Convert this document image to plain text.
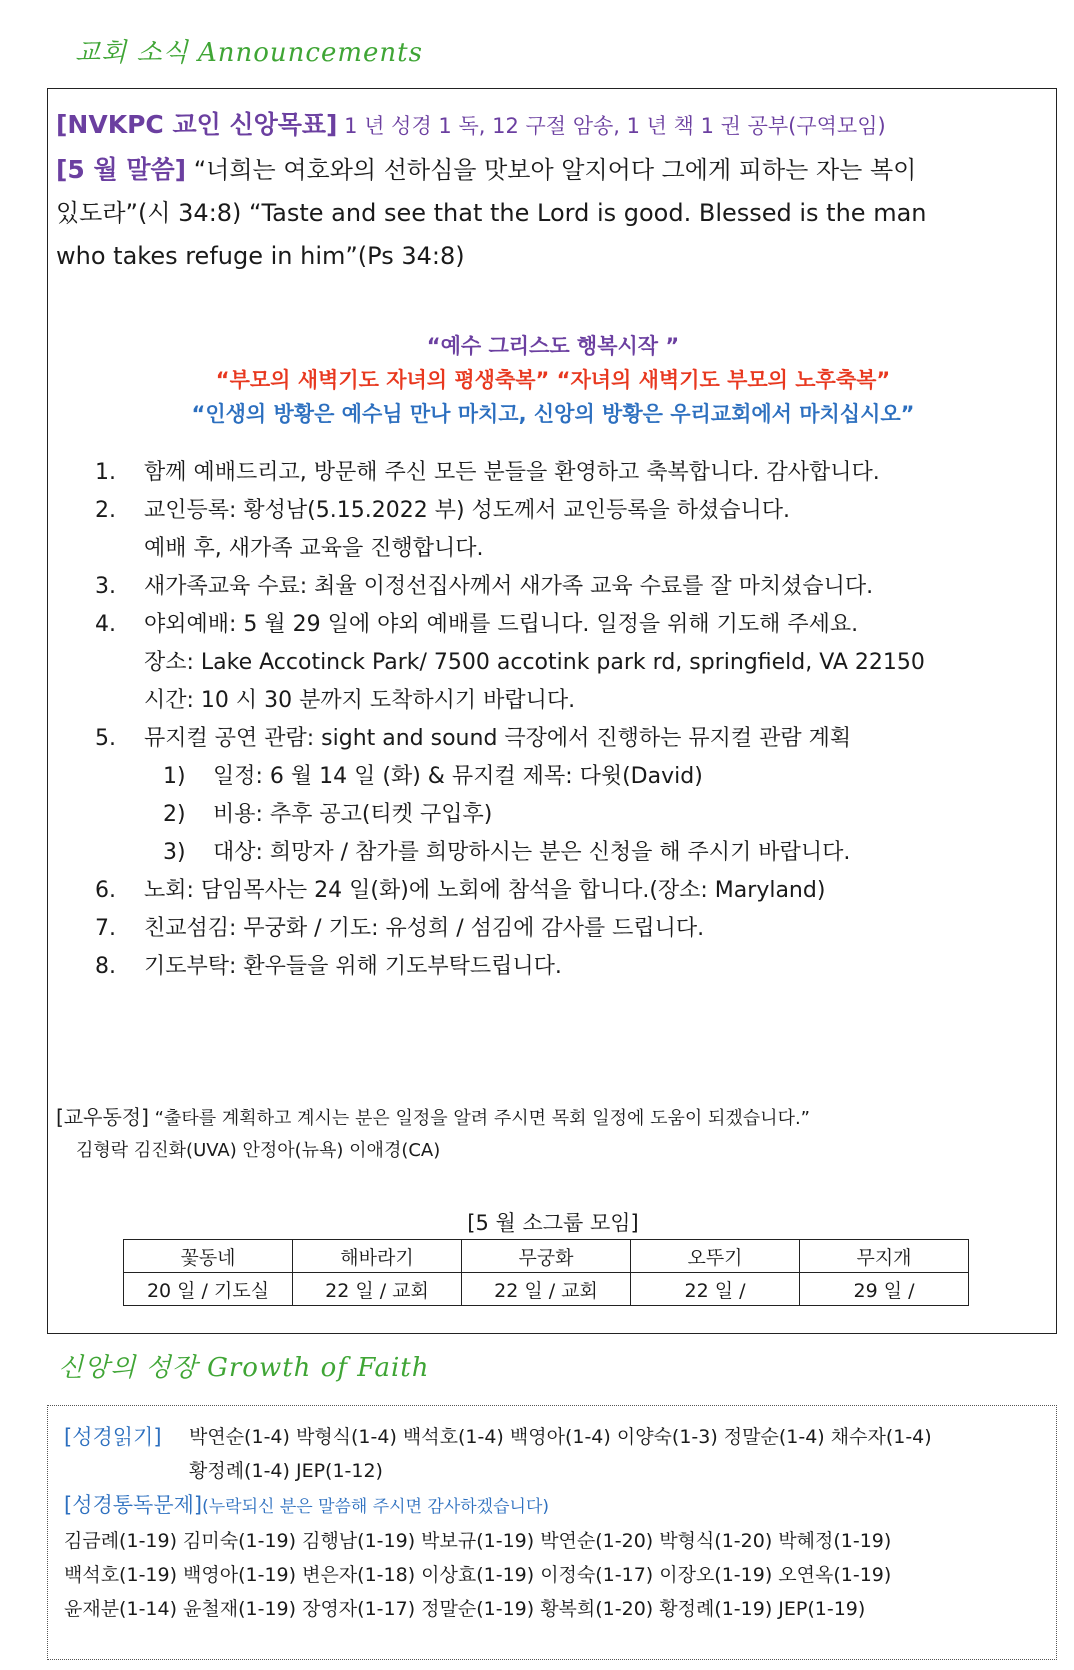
교회 소식 Announcements
[NVKPC 교인 신앙목표] 1 년 성경 1 독, 12 구절 암송, 1 년 책 1 권 공부(구역모임)
[5 월 말씀] “너희는 여호와의 선하심을 맛보아 알지어다 그에게 피하는 자는 복이
있도라”(시 34:8) “Taste and see that the Lord is good. Blessed is the man
who takes refuge in him”(Ps 34:8)
“예수 그리스도 행복시작 ”
“부모의 새벽기도 자녀의 평생축복” “자녀의 새벽기도 부모의 노후축복”
“인생의 방황은 예수님 만나 마치고, 신앙의 방황은 우리교회에서 마치십시오”
1.	함께 예배드리고, 방문해 주신 모든 분들을 환영하고 축복합니다. 감사합니다.
2.	교인등록: 황성남(5.15.2022 부) 성도께서 교인등록을 하셨습니다.
예배 후, 새가족 교육을 진행합니다.
3.	새가족교육 수료: 최율 이정선집사께서 새가족 교육 수료를 잘 마치셨습니다.
4.	야외예배: 5 월 29 일에 야외 예배를 드립니다. 일정을 위해 기도해 주세요.
장소: Lake Accotinck Park/ 7500 accotink park rd, springfield, VA 22150
시간: 10 시 30 분까지 도착하시기 바랍니다.
5.	뮤지컬 공연 관람: sight and sound 극장에서 진행하는 뮤지컬 관람 계획
1)	일정: 6 월 14 일 (화) & 뮤지컬 제목: 다윗(David)
2)	비용: 추후 공고(티켓 구입후)
3)	대상: 희망자 / 참가를 희망하시는 분은 신청을 해 주시기 바랍니다.
6.	노회: 담임목사는 24 일(화)에 노회에 참석을 합니다.(장소: Maryland)
7.	친교섬김: 무궁화 / 기도: 유성희 / 섬김에 감사를 드립니다.
8.	기도부탁: 환우들을 위해 기도부탁드립니다.
[교우동정] “출타를 계획하고 계시는 분은 일정을 알려 주시면 목회 일정에 도움이 되겠습니다.”
김형락 김진화(UVA) 안정아(뉴욕) 이애경(CA)
[5 월 소그룹 모임]
꽃동네	해바라기	무궁화	오뚜기	무지개
20 일 / 기도실	22 일 / 교회	22 일 / 교회	22 일 /	29 일 /
신앙의 성장 Growth of Faith
[성경읽기]	박연순(1-4) 박형식(1-4) 백석호(1-4) 백영아(1-4) 이양숙(1-3) 정말순(1-4) 채수자(1-4)
황정례(1-4) JEP(1-12)
[성경통독문제](누락되신 분은 말씀해 주시면 감사하겠습니다)
김금례(1-19) 김미숙(1-19) 김행남(1-19) 박보규(1-19) 박연순(1-20) 박형식(1-20) 박혜정(1-19)
백석호(1-19) 백영아(1-19) 변은자(1-18) 이상효(1-19) 이정숙(1-17) 이장오(1-19) 오연옥(1-19)
윤재분(1-14) 윤철재(1-19) 장영자(1-17) 정말순(1-19) 황복희(1-20) 황정례(1-19) JEP(1-19)
